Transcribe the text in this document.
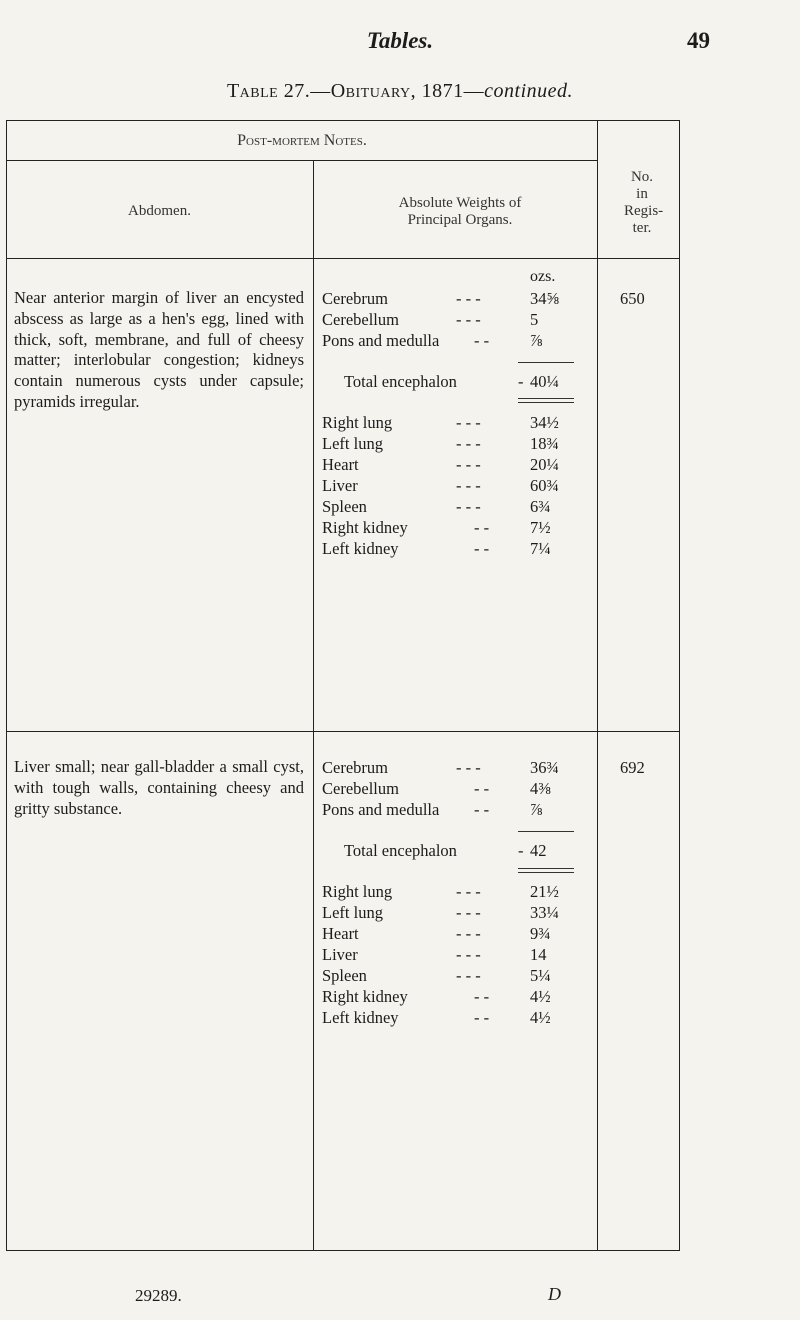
Tables.	49
Table 27.—Obituary, 1871—continued.
Post-mortem Notes.
Abdomen.	Absolute Weights of Principal Organs.
No. in Regis- ter.
ozs.
Near anterior margin of liver an encysted abscess as large as a hen's egg, lined with thick, soft, membrane, and full of cheesy matter; interlobular congestion; kidneys contain numerous cysts under capsule; pyramids irregular.
650
Cerebrum	- - -	34⅝
Cerebellum	- - -	5
Pons and medulla - - ⅞
Total encephalon	- 40¼
Right lung	- - -	34½
Left lung	- - -	18¾
Heart	- - -	20¼
Liver	- - -	60¾
Spleen	- - -	6¾
Right kidney	- - 7½
Left kidney	- - 7¼
Liver small; near gall-bladder a small cyst, with tough walls, containing cheesy and gritty substance.
692
Cerebrum	- - -	36¾
Cerebellum	- - 4⅜
Pons and medulla - - ⅞
Total encephalon	- 42
Right lung	- - -	21½
Left lung	- - -	33¼
Heart	- - -	9¾
Liver	- - -	14
Spleen	- - -	5¼
Right kidney	- - 4½
Left kidney	- - 4½
29289.	D
